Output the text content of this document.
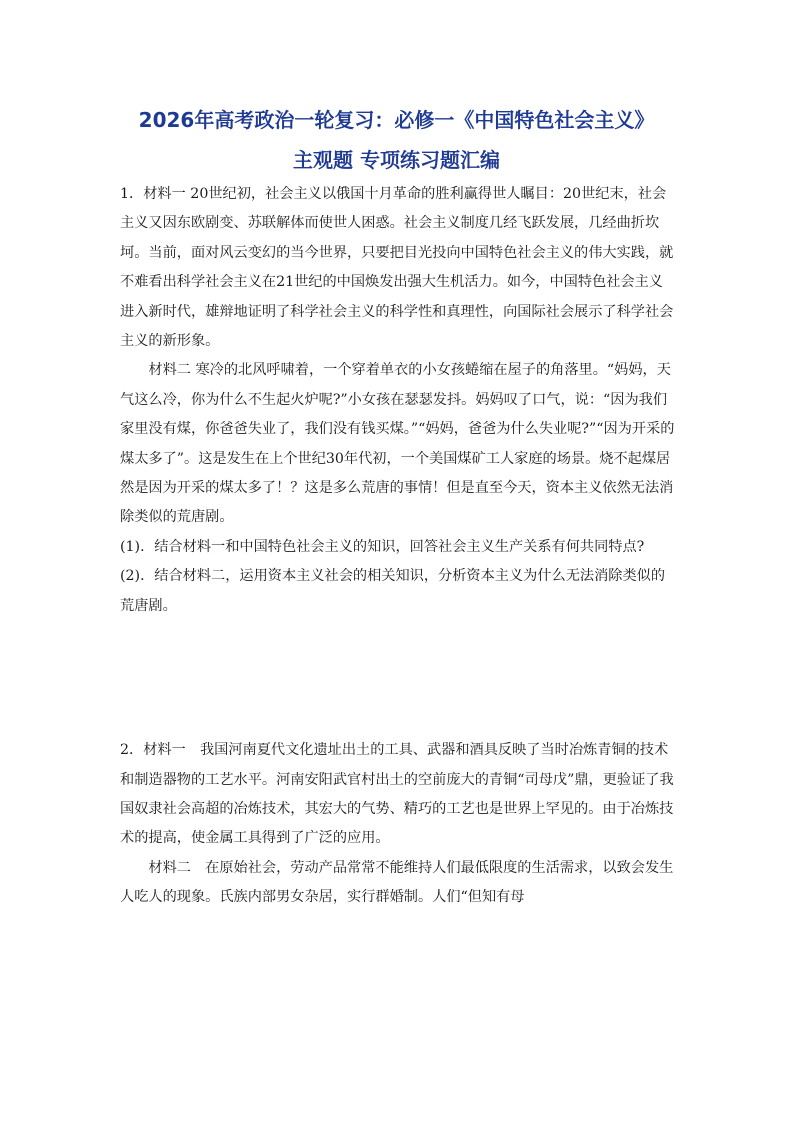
2026年高考政治一轮复习：必修一《中国特色社会主义》
主观题 专项练习题汇编

1．材料一 20世纪初，社会主义以俄国十月革命的胜利赢得世人瞩目：20世纪末，社会主义又因东欧剧变、苏联解体而使世人困惑。社会主义制度几经飞跃发展，几经曲折坎坷。当前，面对风云变幻的当今世界，只要把目光投向中国特色社会主义的伟大实践，就不难看出科学社会主义在21世纪的中国焕发出强大生机活力。如今，中国特色社会主义进入新时代，雄辩地证明了科学社会主义的科学性和真理性，向国际社会展示了科学社会主义的新形象。

材料二 寒冷的北风呼啸着，一个穿着单衣的小女孩蜷缩在屋子的角落里。“妈妈，天气这么冷，你为什么不生起火炉呢?”小女孩在瑟瑟发抖。妈妈叹了口气，说：“因为我们家里没有煤，你爸爸失业了，我们没有钱买煤。”“妈妈，爸爸为什么失业呢?”“因为开采的煤太多了”。这是发生在上个世纪30年代初，一个美国煤矿工人家庭的场景。烧不起煤居然是因为开采的煤太多了！？这是多么荒唐的事情！但是直至今天，资本主义依然无法消除类似的荒唐剧。

(1)．结合材料一和中国特色社会主义的知识，回答社会主义生产关系有何共同特点?

(2)．结合材料二，运用资本主义社会的相关知识，分析资本主义为什么无法消除类似的荒唐剧。

2．材料一　我国河南夏代文化遗址出土的工具、武器和酒具反映了当时冶炼青铜的技术和制造器物的工艺水平。河南安阳武官村出土的空前庞大的青铜“司母戊”鼎，更验证了我国奴隶社会高超的冶炼技术，其宏大的气势、精巧的工艺也是世界上罕见的。由于冶炼技术的提高，使金属工具得到了广泛的应用。

材料二　在原始社会，劳动产品常常不能维持人们最低限度的生活需求，以致会发生人吃人的现象。氏族内部男女杂居，实行群婚制。人们“但知有母
